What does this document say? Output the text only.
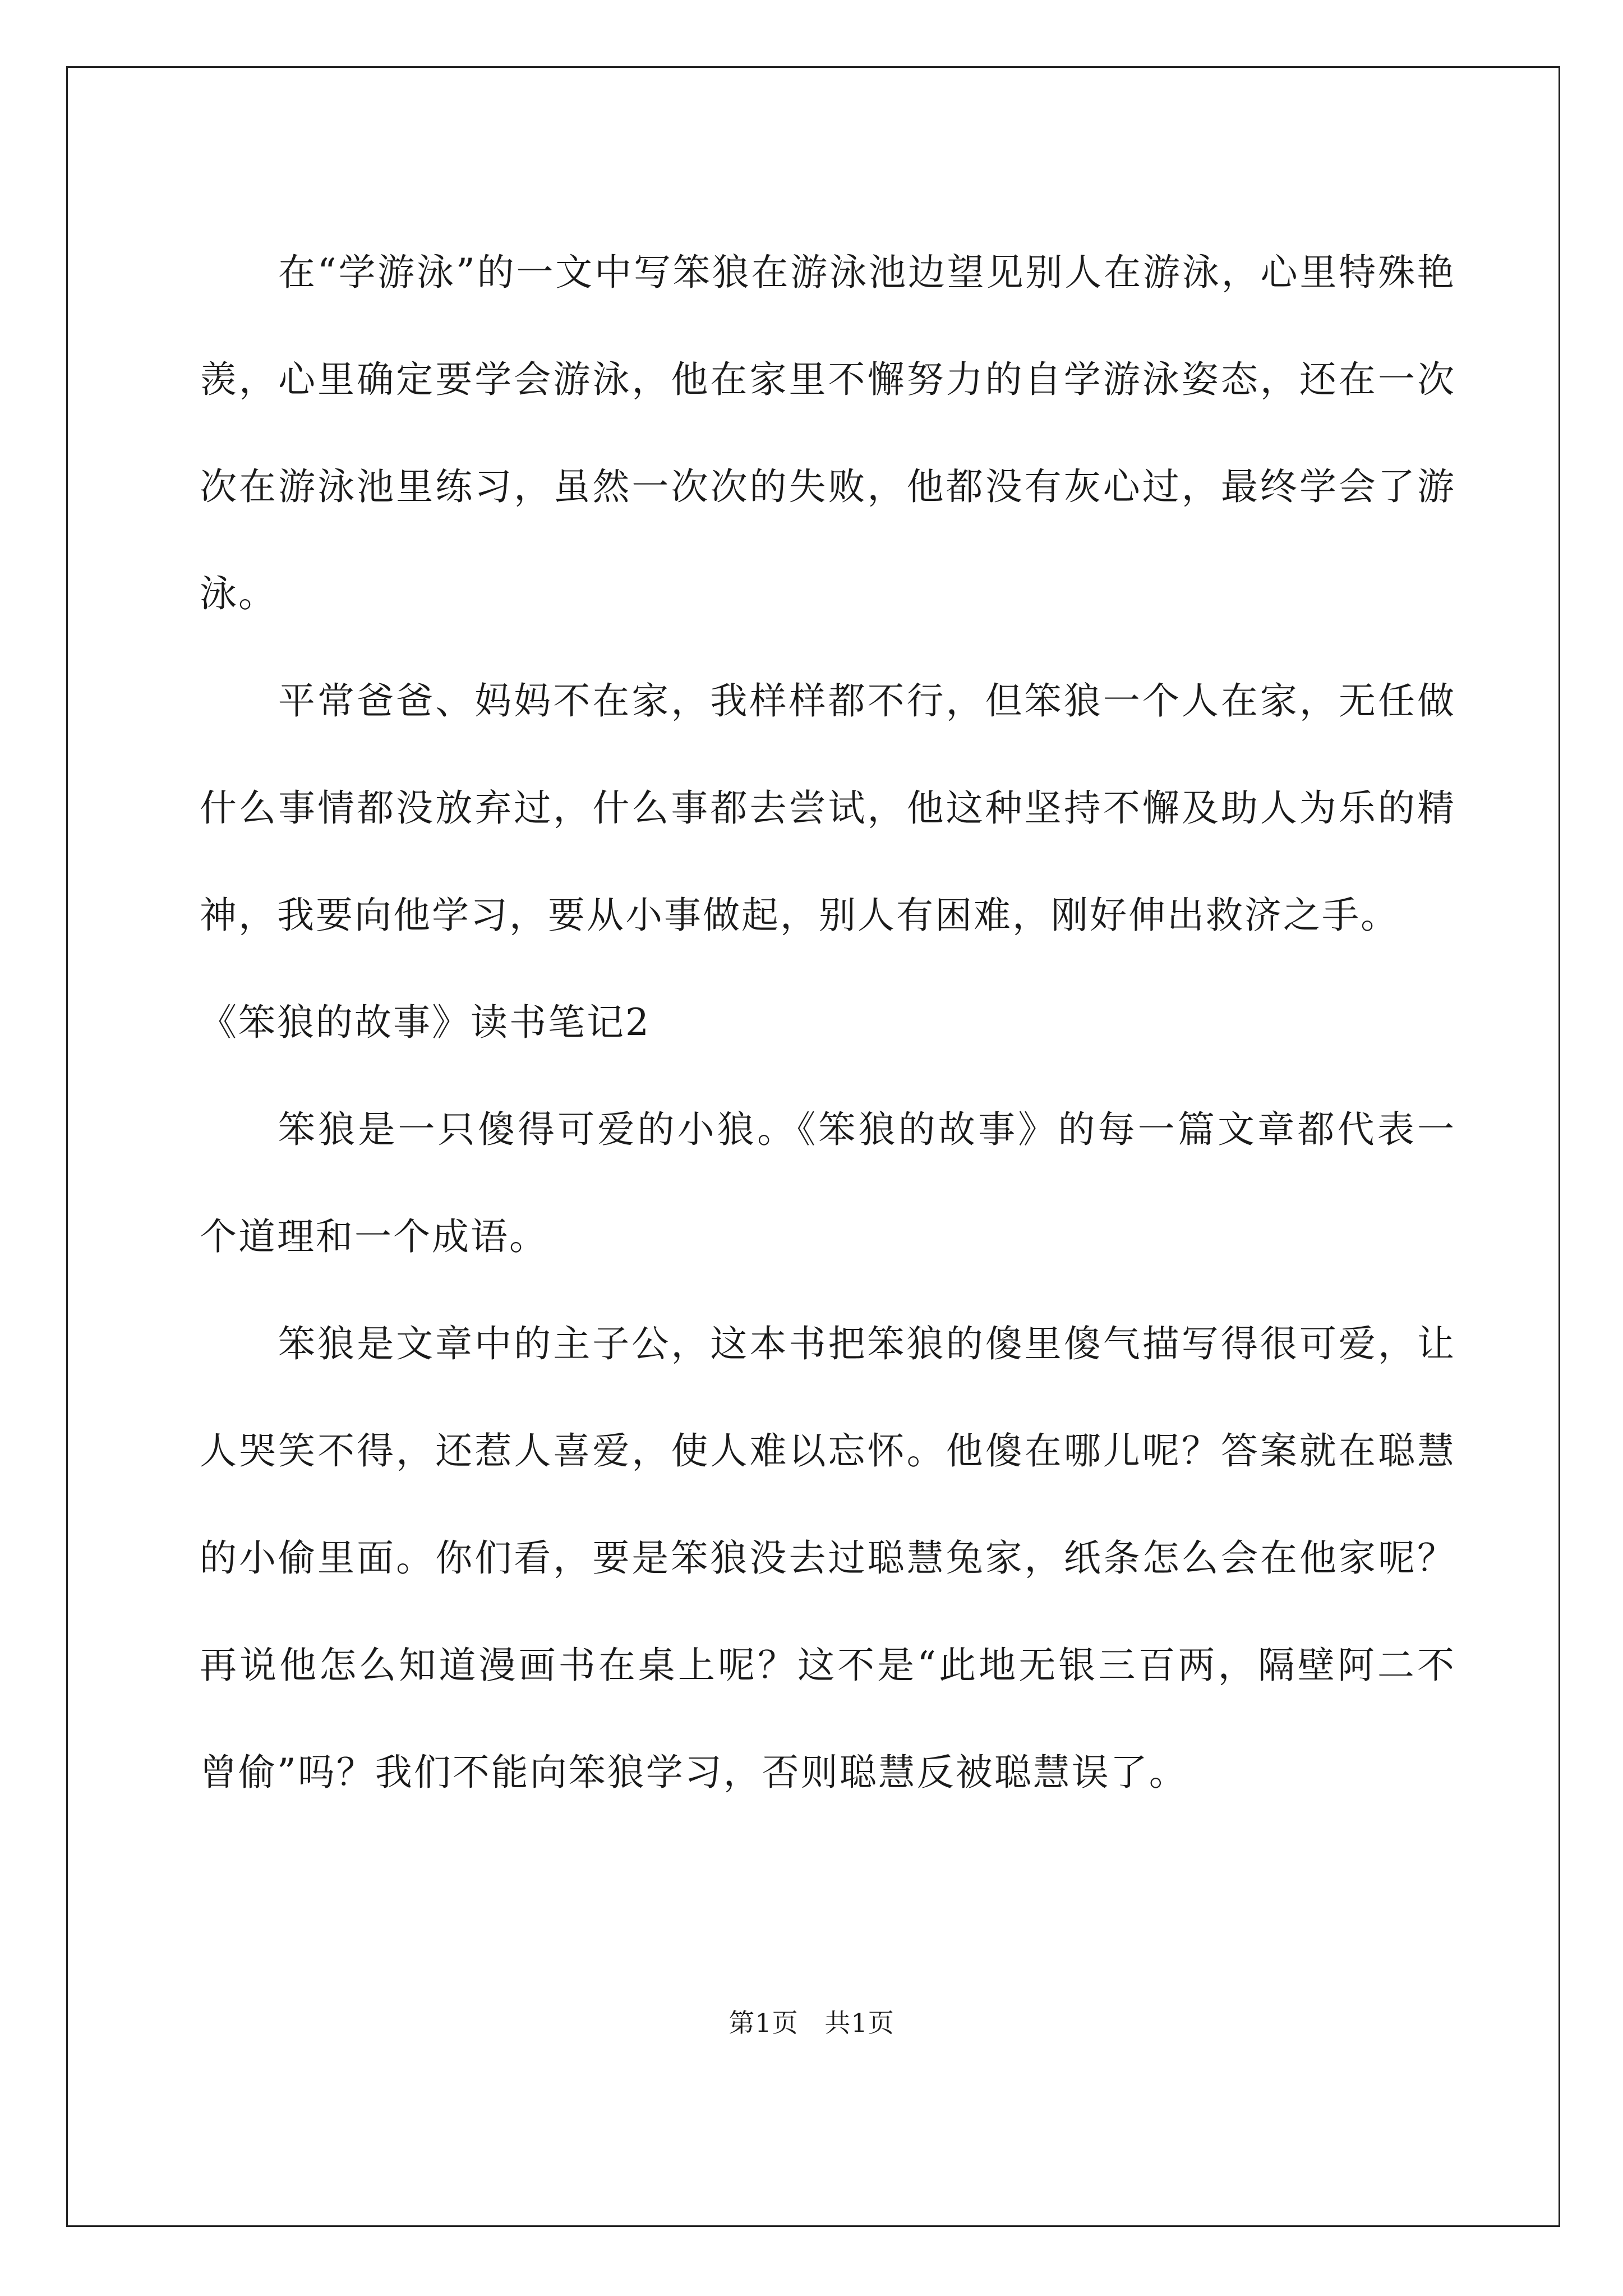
在“学游泳”的一文中写笨狼在游泳池边望见别人在游泳，心里特殊艳羡，心里确定要学会游泳，他在家里不懈努力的自学游泳姿态，还在一次次在游泳池里练习，虽然一次次的失败，他都没有灰心过，最终学会了游泳。

平常爸爸、妈妈不在家，我样样都不行，但笨狼一个人在家，无任做什么事情都没放弃过，什么事都去尝试，他这种坚持不懈及助人为乐的精神，我要向他学习，要从小事做起，别人有困难，刚好伸出救济之手。

《笨狼的故事》读书笔记2

笨狼是一只傻得可爱的小狼。《笨狼的故事》的每一篇文章都代表一个道理和一个成语。

笨狼是文章中的主子公，这本书把笨狼的傻里傻气描写得很可爱，让人哭笑不得，还惹人喜爱，使人难以忘怀。他傻在哪儿呢？答案就在聪慧的小偷里面。你们看，要是笨狼没去过聪慧兔家，纸条怎么会在他家呢？再说他怎么知道漫画书在桌上呢？这不是“此地无银三百两，隔壁阿二不曾偷”吗？我们不能向笨狼学习，否则聪慧反被聪慧误了。

第1页   共1页
